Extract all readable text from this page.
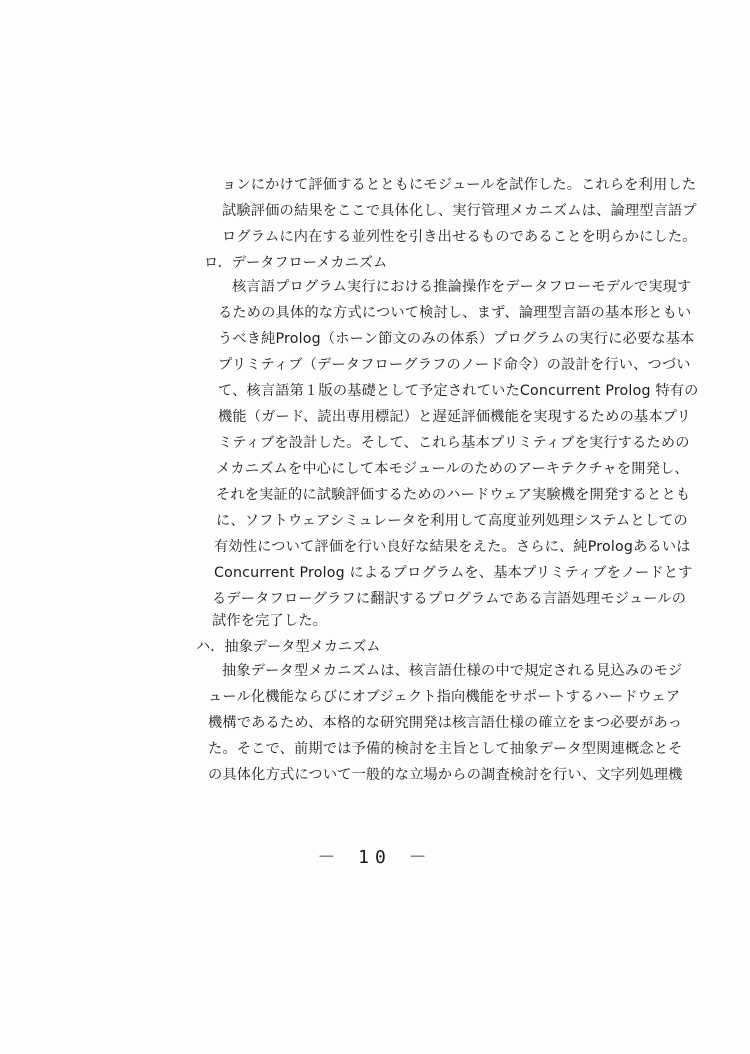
ョンにかけて評価するとともにモジュールを試作した。これらを利用した
試験評価の結果をここで具体化し、実行管理メカニズムは、論理型言語プ
ログラムに内在する並列性を引き出せるものであることを明らかにした。
ロ．データフローメカニズム
核言語プログラム実行における推論操作をデータフローモデルで実現す
るための具体的な方式について検討し、まず、論理型言語の基本形ともい
うべき純Prolog（ホーン節文のみの体系）プログラムの実行に必要な基本
プリミティブ（データフローグラフのノード命令）の設計を行い、つづい
て、核言語第１版の基礎として予定されていたConcurrent Prolog 特有の
機能（ガード、読出専用標記）と遅延評価機能を実現するための基本プリ
ミティブを設計した。そして、これら基本プリミティブを実行するための
メカニズムを中心にして本モジュールのためのアーキテクチャを開発し、
それを実証的に試験評価するためのハードウェア実験機を開発するととも
に、ソフトウェアシミュレータを利用して高度並列処理システムとしての
有効性について評価を行い良好な結果をえた。さらに、純Prologあるいは
Concurrent Prolog によるプログラムを、基本プリミティブをノードとす
るデータフローグラフに翻訳するプログラムである言語処理モジュールの
試作を完了した。
ハ．抽象データ型メカニズム
抽象データ型メカニズムは、核言語仕様の中で規定される見込みのモジ
ュール化機能ならびにオブジェクト指向機能をサポートするハードウェア
機構であるため、本格的な研究開発は核言語仕様の確立をまつ必要があっ
た。そこで、前期では予備的検討を主旨として抽象データ型関連概念とそ
の具体化方式について一般的な立場からの調査検討を行い、文字列処理機
－ 10 －
